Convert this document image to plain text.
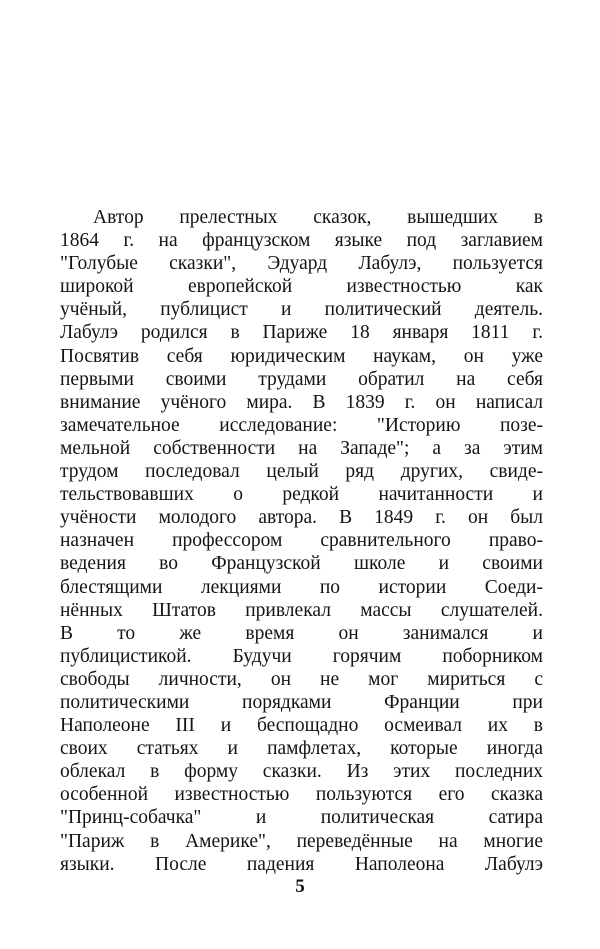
Автор прелестных сказок, вышедших в
1864 г. на французском языке под заглавием
"Голубые сказки", Эдуард Лабулэ, пользуется
широкой европейской известностью как
учёный, публицист и политический деятель.
Лабулэ родился в Париже 18 января 1811 г.
Посвятив себя юридическим наукам, он уже
первыми своими трудами обратил на себя
внимание учёного мира. В 1839 г. он написал
замечательное исследование: "Историю позе-
мельной собственности на Западе"; а за этим
трудом последовал целый ряд других, свиде-
тельствовавших о редкой начитанности и
учёности молодого автора. В 1849 г. он был
назначен профессором сравнительного право-
ведения во Французской школе и своими
блестящими лекциями по истории Соеди-
нённых Штатов привлекал массы слушателей.
В то же время он занимался и
публицистикой. Будучи горячим поборником
свободы личности, он не мог мириться с
политическими порядками Франции при
Наполеоне III и беспощадно осмеивал их в
своих статьях и памфлетах, которые иногда
облекал в форму сказки. Из этих последних
особенной известностью пользуются его сказка
"Принц-собачка" и политическая сатира
"Париж в Америке", переведённые на многие
языки. После падения Наполеона Лабулэ
5
